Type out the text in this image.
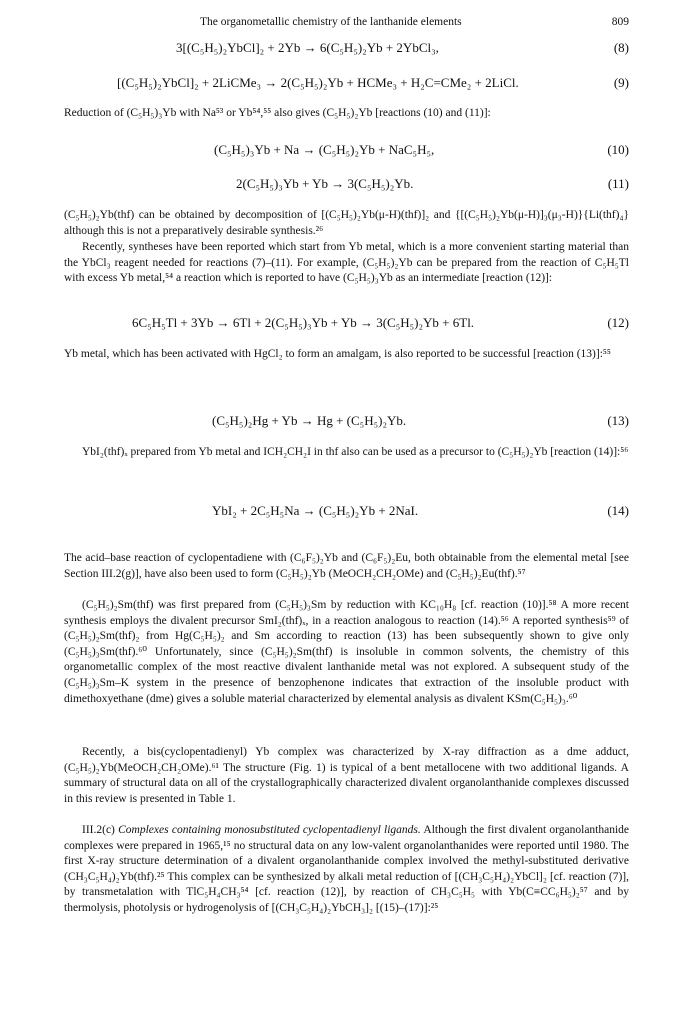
The organometallic chemistry of the lanthanide elements	809
3[(C₅H₅)₂YbCl]₂ + 2Yb → 6(C₅H₅)₂Yb + 2YbCl₃,	(8)
[(C₅H₅)₂YbCl]₂ + 2LiCMe₃ → 2(C₅H₅)₂Yb + HCMe₃ + H₂C=CMe₂ + 2LiCl.	(9)
Reduction of (C₅H₅)₃Yb with Na⁵³ or Yb⁵⁴,⁵⁵ also gives (C₅H₅)₂Yb [reactions (10) and (11)]:
(C₅H₅)₃Yb + Na → (C₅H₅)₂Yb + NaC₅H₅,	(10)
2(C₅H₅)₃Yb + Yb → 3(C₅H₅)₂Yb.	(11)
(C₅H₅)₂Yb(thf) can be obtained by decomposition of [(C₅H₅)₂Yb(μ-H)(thf)]₂ and {[(C₅H₅)₂Yb(μ-H)]₃(μ₃-H)}{Li(thf)₄} although this is not a preparatively desirable synthesis.²⁶
Recently, syntheses have been reported which start from Yb metal, which is a more convenient starting material than the YbCl₃ reagent needed for reactions (7)–(11). For example, (C₅H₅)₂Yb can be prepared from the reaction of C₅H₅Tl with excess Yb metal,⁵⁴ a reaction which is reported to have (C₅H₅)₃Yb as an intermediate [reaction (12)]:
6C₅H₅Tl + 3Yb → 6Tl + 2(C₅H₅)₃Yb + Yb → 3(C₅H₅)₂Yb + 6Tl.	(12)
Yb metal, which has been activated with HgCl₂ to form an amalgam, is also reported to be successful [reaction (13)]:⁵⁵
(C₅H₅)₂Hg + Yb → Hg + (C₅H₅)₂Yb.	(13)
YbI₂(thf)ₓ prepared from Yb metal and ICH₂CH₂I in thf also can be used as a precursor to (C₅H₅)₂Yb [reaction (14)]:⁵⁶
YbI₂ + 2C₅H₅Na → (C₅H₅)₂Yb + 2NaI.	(14)
The acid–base reaction of cyclopentadiene with (C₆F₅)₂Yb and (C₆F₅)₂Eu, both obtainable from the elemental metal [see Section III.2(g)], have also been used to form (C₅H₅)₂Yb (MeOCH₂CH₂OMe) and (C₅H₅)₂Eu(thf).⁵⁷
(C₅H₅)₂Sm(thf) was first prepared from (C₅H₅)₃Sm by reduction with KC₁₀H₈ [cf. reaction (10)].⁵⁸ A more recent synthesis employs the divalent precursor SmI₂(thf)ₓ, in a reaction analogous to reaction (14).⁵⁶ A reported synthesis⁵⁹ of (C₅H₅)₂Sm(thf)₂ from Hg(C₅H₅)₂ and Sm according to reaction (13) has been subsequently shown to give only (C₅H₅)₃Sm(thf).⁶⁰ Unfortunately, since (C₅H₅)₂Sm(thf) is insoluble in common solvents, the chemistry of this organometallic complex of the most reactive divalent lanthanide metal was not explored. A subsequent study of the (C₅H₅)₃Sm–K system in the presence of benzophenone indicates that extraction of the insoluble product with dimethoxyethane (dme) gives a soluble material characterized by elemental analysis as divalent KSm(C₅H₅)₃.⁶⁰
Recently, a bis(cyclopentadienyl) Yb complex was characterized by X-ray diffraction as a dme adduct, (C₅H₅)₂Yb(MeOCH₂CH₂OMe).⁶¹ The structure (Fig. 1) is typical of a bent metallocene with two additional ligands. A summary of structural data on all of the crystallographically characterized divalent organolanthanide complexes discussed in this review is presented in Table 1.
III.2(c) Complexes containing monosubstituted cyclopentadienyl ligands. Although the first divalent organolanthanide complexes were prepared in 1965,¹⁵ no structural data on any low-valent organolanthanides were reported until 1980. The first X-ray structure determination of a divalent organolanthanide complex involved the methyl-substituted derivative (CH₃C₅H₄)₂Yb(thf).²⁵ This complex can be synthesized by alkali metal reduction of [(CH₃C₅H₄)₂YbCl]₂ [cf. reaction (7)], by transmetalation with TlC₅H₄CH₃⁵⁴ [cf. reaction (12)], by reaction of CH₃C₅H₅ with Yb(C≡CC₆H₅)₂⁵⁷ and by thermolysis, photolysis or hydrogenolysis of [(CH₃C₅H₄)₂YbCH₃]₂ [(15)–(17)]:²⁵
